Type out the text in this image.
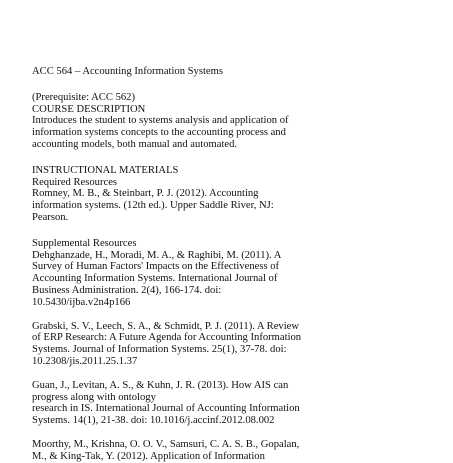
ACC 564 – Accounting Information Systems
(Prerequisite: ACC 562)
COURSE DESCRIPTION
Introduces the student to systems analysis and application of
information systems concepts to the accounting process and
accounting models, both manual and automated.
INSTRUCTIONAL MATERIALS
Required Resources
Romney, M. B., & Steinbart, P. J. (2012). Accounting
information systems. (12th ed.). Upper Saddle River, NJ:
Pearson.
Supplemental Resources
Dehghanzade, H., Moradi, M. A., & Raghibi, M. (2011). A
Survey of Human Factors' Impacts on the Effectiveness of
Accounting Information Systems. International Journal of
Business Administration. 2(4), 166-174. doi:
10.5430/ijba.v2n4p166
Grabski, S. V., Leech, S. A., & Schmidt, P. J. (2011). A Review
of ERP Research: A Future Agenda for Accounting Information
Systems. Journal of Information Systems. 25(1), 37-78. doi:
10.2308/jis.2011.25.1.37
Guan, J., Levitan, A. S., & Kuhn, J. R. (2013). How AIS can
progress along with ontology
research in IS. International Journal of Accounting Information
Systems. 14(1), 21-38. doi: 10.1016/j.accinf.2012.08.002
Moorthy, M., Krishna, O. O. V., Samsuri, C. A. S. B., Gopalan,
M., & King-Tak, Y. (2012). Application of Information
